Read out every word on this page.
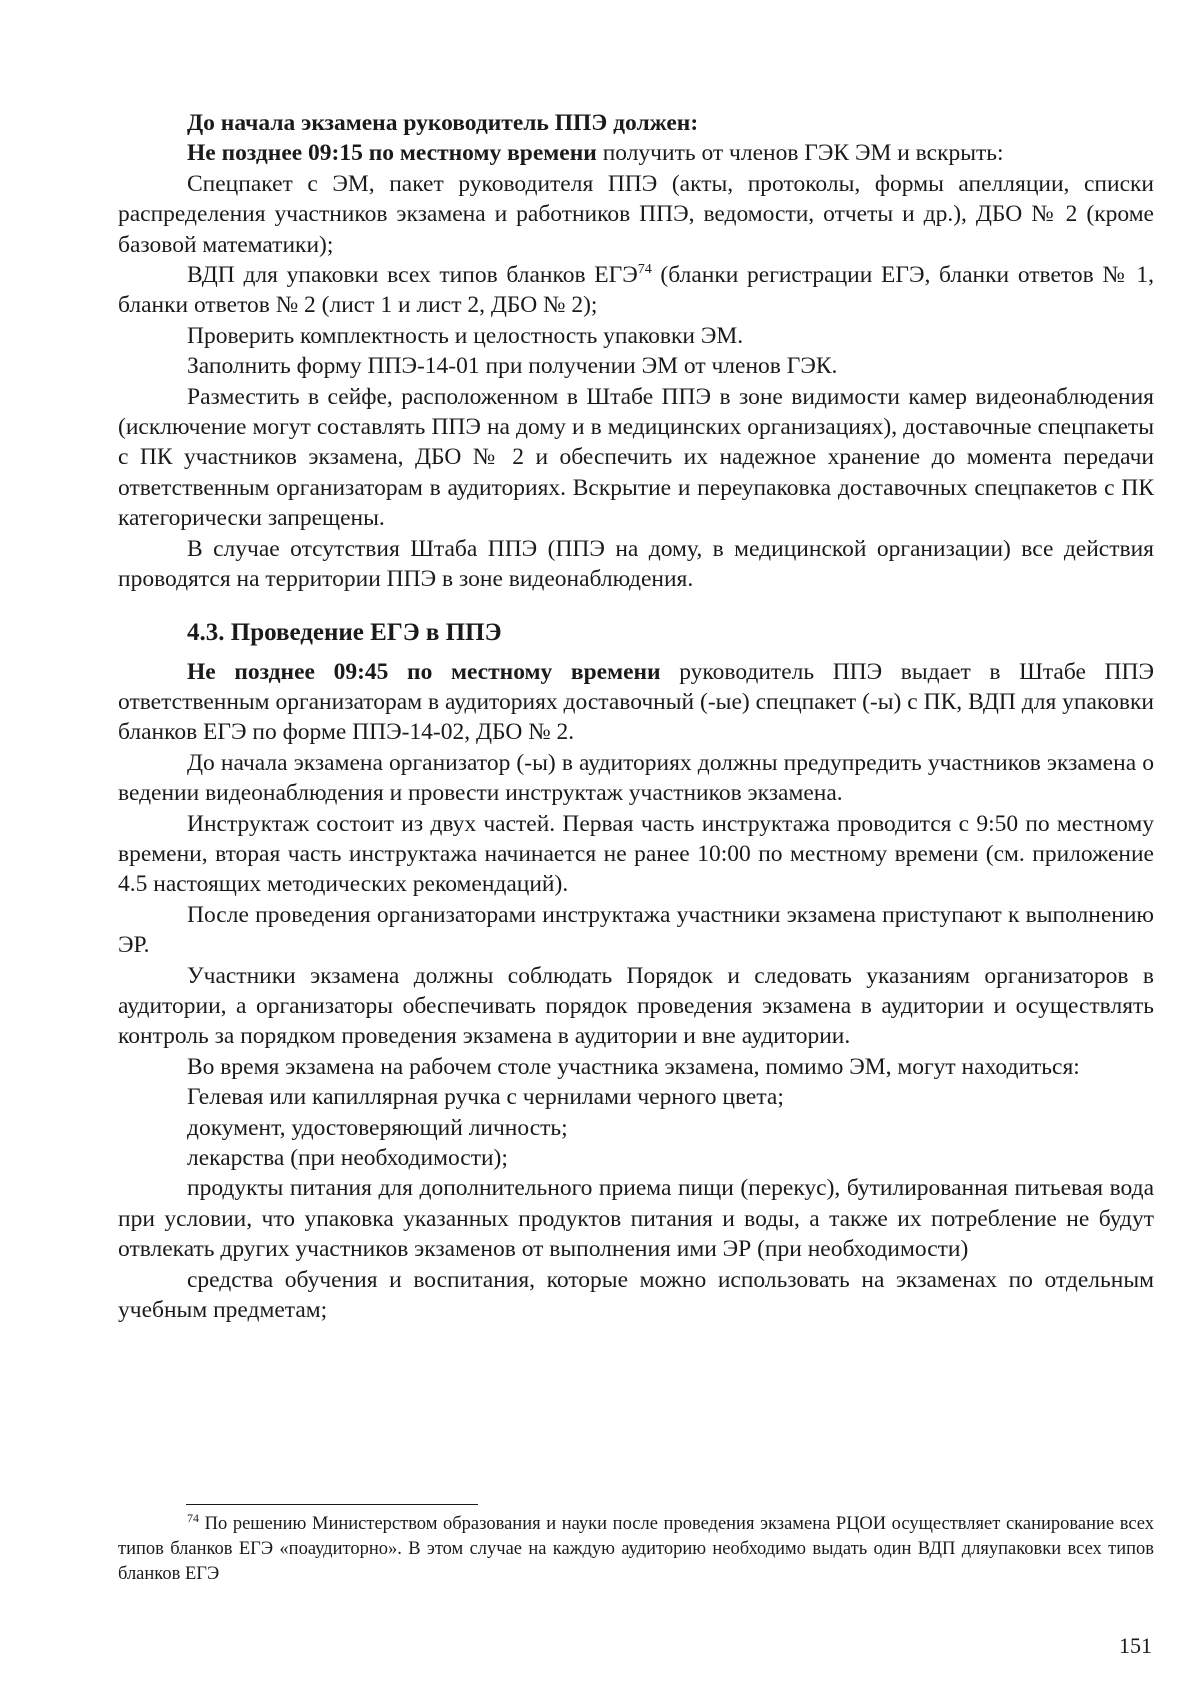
До начала экзамена руководитель ППЭ должен:

Не позднее 09:15 по местному времени получить от членов ГЭК ЭМ и вскрыть:

Спецпакет с ЭМ, пакет руководителя ППЭ (акты, протоколы, формы апелляции, списки распределения участников экзамена и работников ППЭ, ведомости, отчеты и др.), ДБО № 2 (кроме базовой математики);

ВДП для упаковки всех типов бланков ЕГЭ$^{74}$ (бланки регистрации ЕГЭ, бланки ответов № 1, бланки ответов № 2 (лист 1 и лист 2, ДБО № 2);

Проверить комплектность и целостность упаковки ЭМ.

Заполнить форму ППЭ-14-01 при получении ЭМ от членов ГЭК.

Разместить в сейфе, расположенном в Штабе ППЭ в зоне видимости камер видеонаблюдения (исключение могут составлять ППЭ на дому и в медицинских организациях), доставочные спецпакеты с ПК участников экзамена, ДБО № 2 и обеспечить их надежное хранение до момента передачи ответственным организаторам в аудиториях. Вскрытие и переупаковка доставочных спецпакетов с ПК категорически запрещены.

В случае отсутствия Штаба ППЭ (ППЭ на дому, в медицинской организации) все действия проводятся на территории ППЭ в зоне видеонаблюдения.

4.3. Проведение ЕГЭ в ППЭ

Не позднее 09:45 по местному времени руководитель ППЭ выдает в Штабе ППЭ ответственным организаторам в аудиториях доставочный (-ые) спецпакет (-ы) с ПК, ВДП для упаковки бланков ЕГЭ по форме ППЭ-14-02, ДБО № 2.

До начала экзамена организатор (-ы) в аудиториях должны предупредить участников экзамена о ведении видеонаблюдения и провести инструктаж участников экзамена.

Инструктаж состоит из двух частей. Первая часть инструктажа проводится с 9:50 по местному времени, вторая часть инструктажа начинается не ранее 10:00 по местному времени (см. приложение 4.5 настоящих методических рекомендаций).

После проведения организаторами инструктажа участники экзамена приступают к выполнению ЭР.

Участники экзамена должны соблюдать Порядок и следовать указаниям организаторов в аудитории, а организаторы обеспечивать порядок проведения экзамена в аудитории и осуществлять контроль за порядком проведения экзамена в аудитории и вне аудитории.

Во время экзамена на рабочем столе участника экзамена, помимо ЭМ, могут находиться:

Гелевая или капиллярная ручка с чернилами черного цвета;

документ, удостоверяющий личность;

лекарства (при необходимости);

продукты питания для дополнительного приема пищи (перекус), бутилированная питьевая вода при условии, что упаковка указанных продуктов питания и воды, а также их потребление не будут отвлекать других участников экзаменов от выполнения ими ЭР (при необходимости)

средства обучения и воспитания, которые можно использовать на экзаменах по отдельным учебным предметам;

$^{74}$ По решению Министерством образования и науки после проведения экзамена РЦОИ осуществляет сканирование всех типов бланков ЕГЭ «поаудиторно». В этом случае на каждую аудиторию необходимо выдать один ВДП дляупаковки всех типов бланков ЕГЭ

151
